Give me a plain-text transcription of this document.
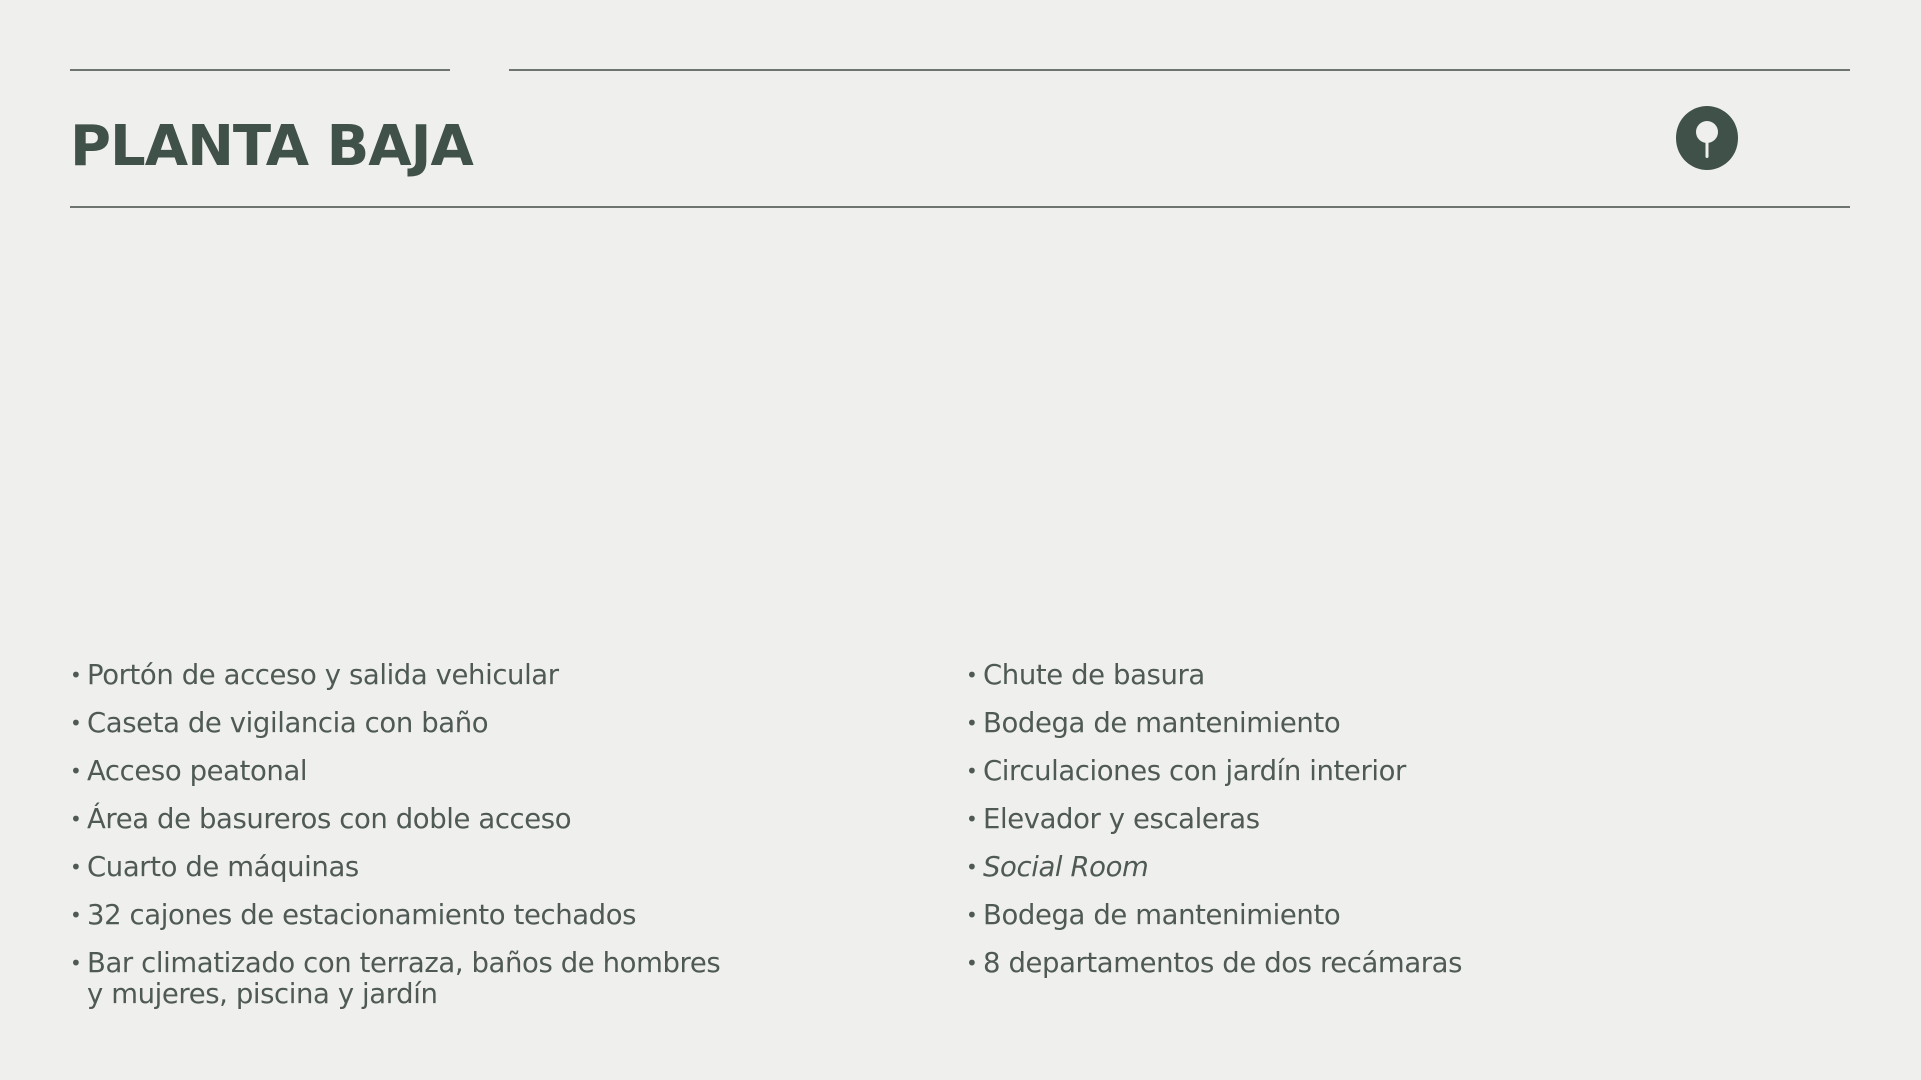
PLANTA BAJA
• Portón de acceso y salida vehicular
• Caseta de vigilancia con baño
• Acceso peatonal
• Área de basureros con doble acceso
• Cuarto de máquinas
• 32 cajones de estacionamiento techados
• Bar climatizado con terraza, baños de hombres y mujeres, piscina y jardín
• Chute de basura
• Bodega de mantenimiento
• Circulaciones con jardín interior
• Elevador y escaleras
• Social Room
• Bodega de mantenimiento
• 8 departamentos de dos recámaras
